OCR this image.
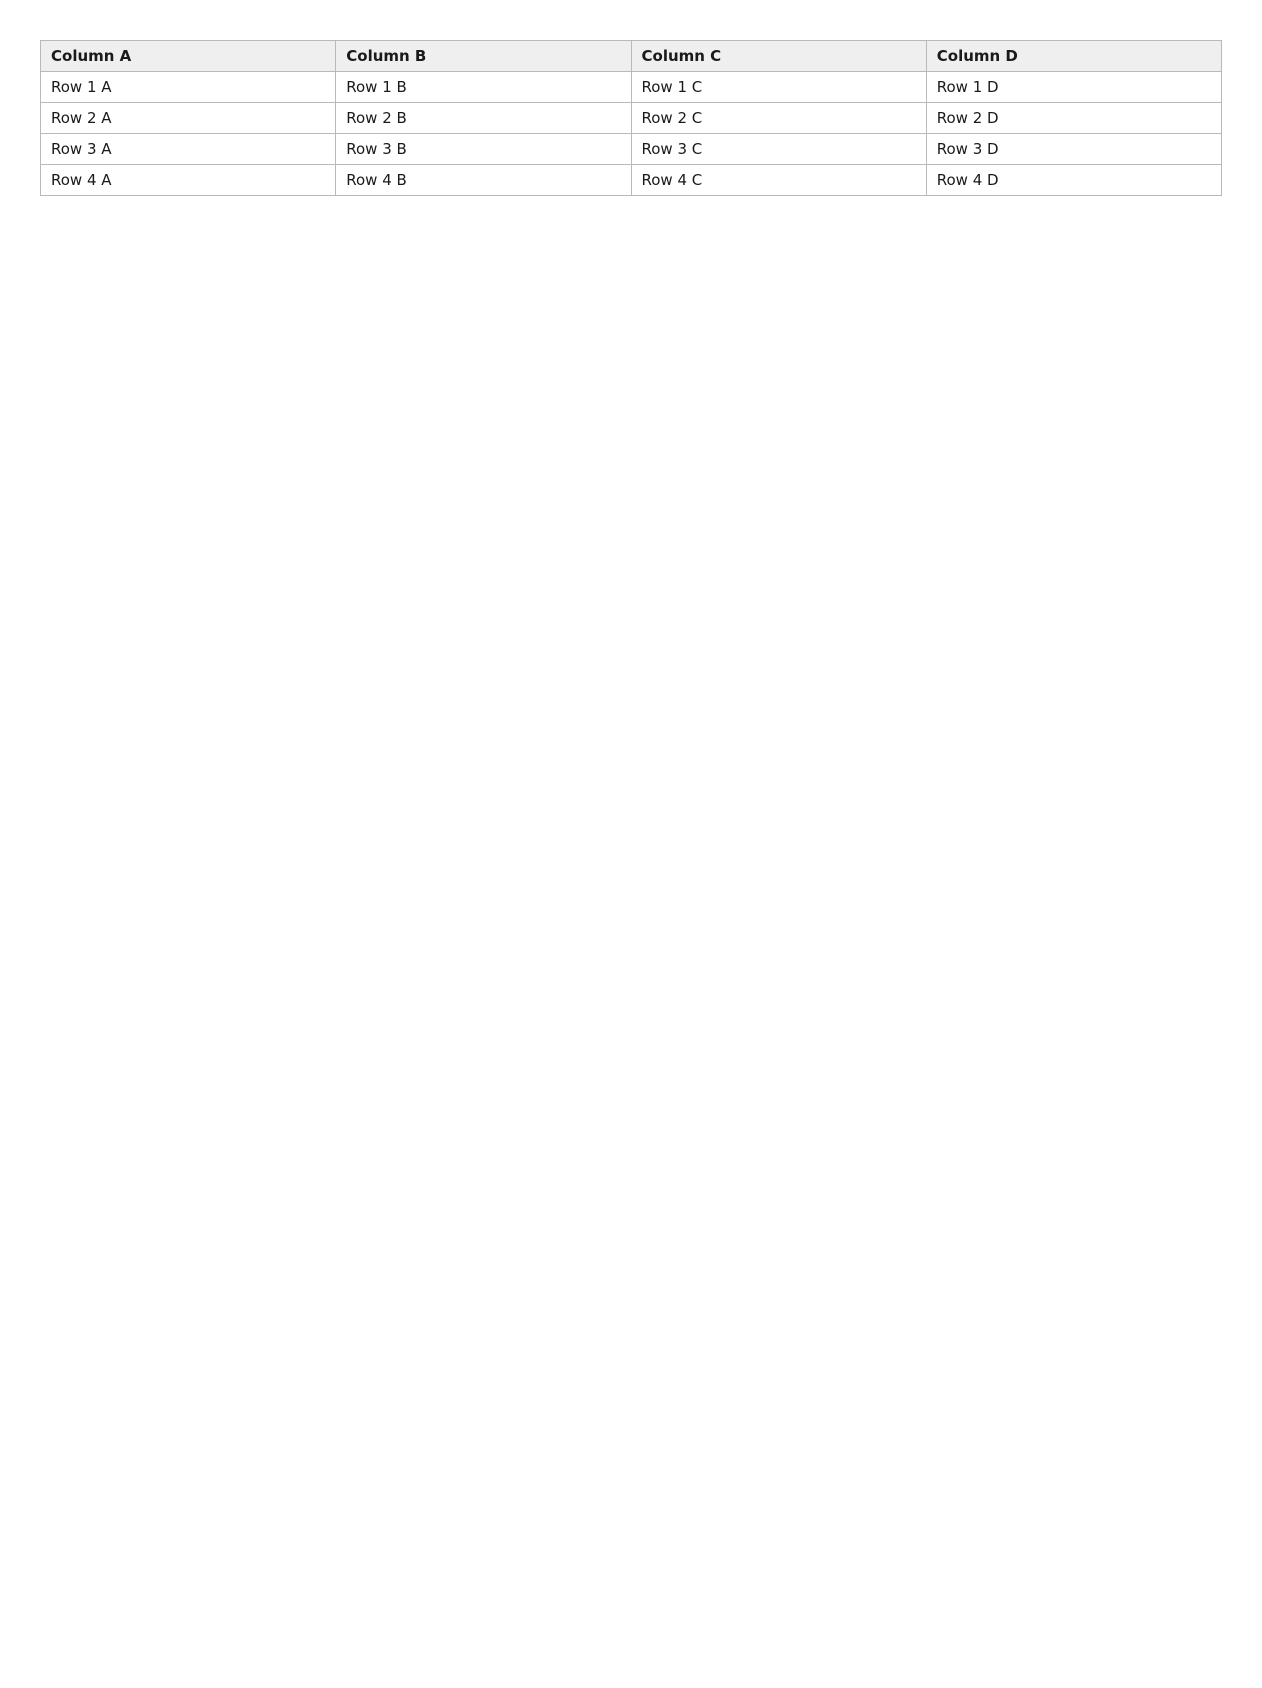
Column A	Column B	Column C	Column D
Row 1 A	Row 1 B	Row 1 C	Row 1 D
Row 2 A	Row 2 B	Row 2 C	Row 2 D
Row 3 A	Row 3 B	Row 3 C	Row 3 D
Row 4 A	Row 4 B	Row 4 C	Row 4 D
